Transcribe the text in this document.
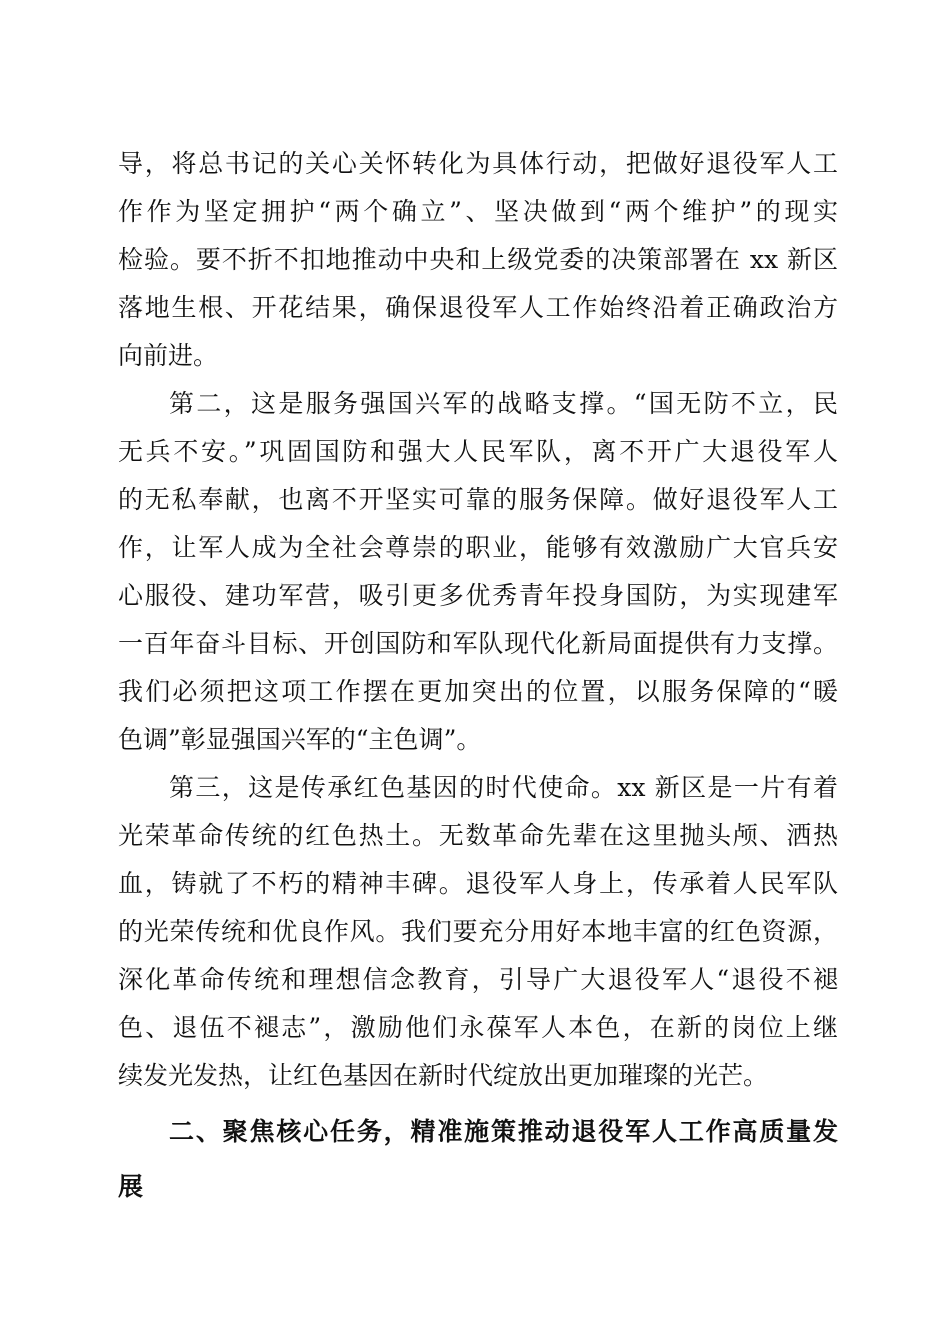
导，将总书记的关心关怀转化为具体行动，把做好退役军人工
作作为坚定拥护“两个确立”、坚决做到“两个维护”的现实
检验。要不折不扣地推动中央和上级党委的决策部署在 xx 新区
落地生根、开花结果，确保退役军人工作始终沿着正确政治方
向前进。
第二，这是服务强国兴军的战略支撑。“国无防不立，民
无兵不安。”巩固国防和强大人民军队，离不开广大退役军人
的无私奉献，也离不开坚实可靠的服务保障。做好退役军人工
作，让军人成为全社会尊崇的职业，能够有效激励广大官兵安
心服役、建功军营，吸引更多优秀青年投身国防，为实现建军
一百年奋斗目标、开创国防和军队现代化新局面提供有力支撑。
我们必须把这项工作摆在更加突出的位置，以服务保障的“暖
色调”彰显强国兴军的“主色调”。
第三，这是传承红色基因的时代使命。xx 新区是一片有着
光荣革命传统的红色热土。无数革命先辈在这里抛头颅、洒热
血，铸就了不朽的精神丰碑。退役军人身上，传承着人民军队
的光荣传统和优良作风。我们要充分用好本地丰富的红色资源，
深化革命传统和理想信念教育，引导广大退役军人“退役不褪
色、退伍不褪志”，激励他们永葆军人本色，在新的岗位上继
续发光发热，让红色基因在新时代绽放出更加璀璨的光芒。
二、聚焦核心任务，精准施策推动退役军人工作高质量发
展
